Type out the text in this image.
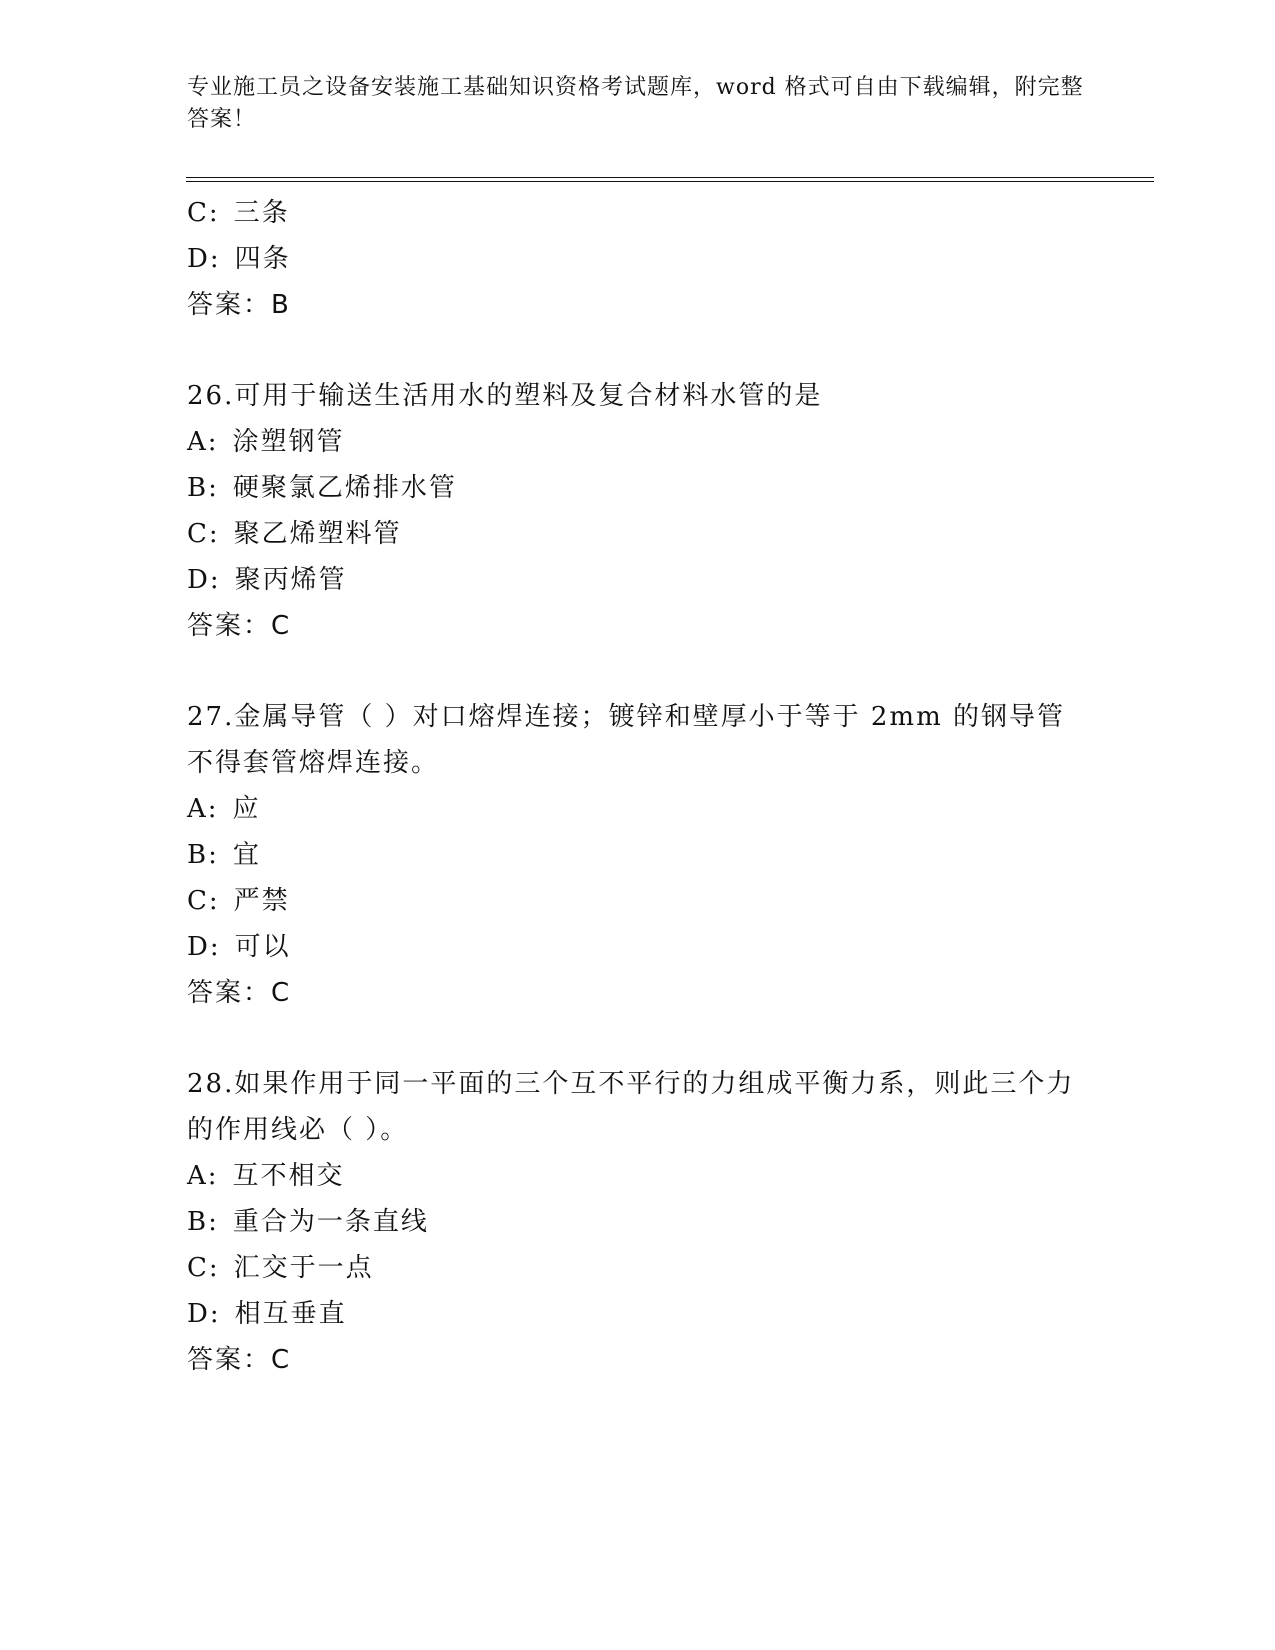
专业施工员之设备安装施工基础知识资格考试题库，word 格式可自由下载编辑，附完整答案！
C: 三条
D: 四条
答案：B
26.可用于输送生活用水的塑料及复合材料水管的是
A: 涂塑钢管
B: 硬聚氯乙烯排水管
C: 聚乙烯塑料管
D: 聚丙烯管
答案：C
27.金属导管（ ）对口熔焊连接；镀锌和壁厚小于等于 2mm 的钢导管不得套管熔焊连接。
A: 应
B: 宜
C: 严禁
D: 可以
答案：C
28.如果作用于同一平面的三个互不平行的力组成平衡力系，则此三个力的作用线必（ ）。
A: 互不相交
B: 重合为一条直线
C: 汇交于一点
D: 相互垂直
答案：C
